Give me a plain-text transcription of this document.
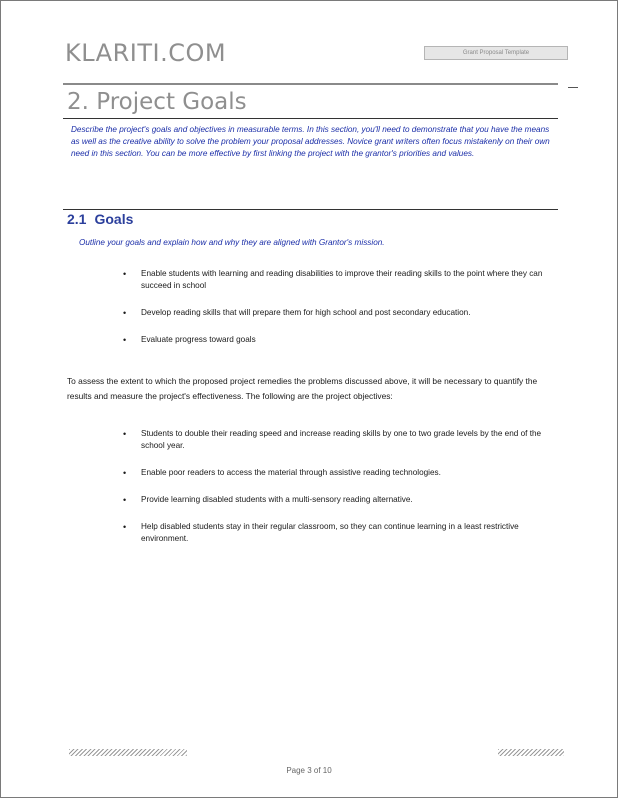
KLARITI.COM	Grant Proposal Template
2. Project Goals
Describe the project's goals and objectives in measurable terms. In this section, you'll need to demonstrate that you have the means as well as the creative ability to solve the problem your proposal addresses. Novice grant writers often focus mistakenly on their own need in this section. You can be more effective by first linking the project with the grantor's priorities and values.
2.1 Goals
Outline your goals and explain how and why they are aligned with Grantor's mission.
• Enable students with learning and reading disabilities to improve their reading skills to the point where they can succeed in school
• Develop reading skills that will prepare them for high school and post secondary education.
• Evaluate progress toward goals
To assess the extent to which the proposed project remedies the problems discussed above, it will be necessary to quantify the results and measure the project's effectiveness. The following are the project objectives:
• Students to double their reading speed and increase reading skills by one to two grade levels by the end of the school year.
• Enable poor readers to access the material through assistive reading technologies.
• Provide learning disabled students with a multi-sensory reading alternative.
• Help disabled students stay in their regular classroom, so they can continue learning in a least restrictive environment.
Page 3 of 10
